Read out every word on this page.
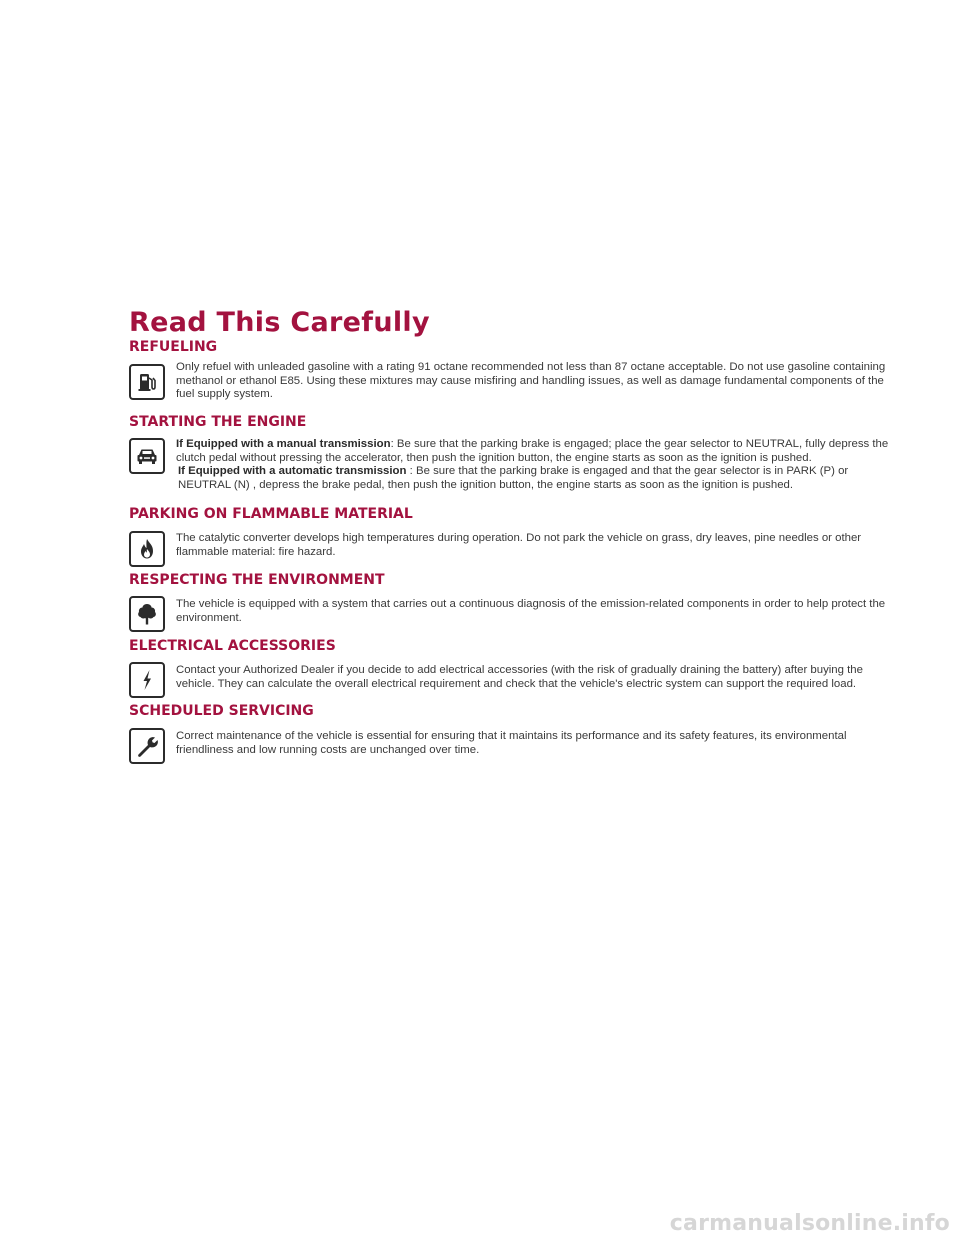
Read This Carefully
REFUELING

Only refuel with unleaded gasoline with a rating 91 octane recommended not less than 87 octane acceptable. Do not use gasoline containing methanol or ethanol E85. Using these mixtures may cause misfiring and handling issues, as well as damage fundamental components of the fuel supply system.

STARTING THE ENGINE

If Equipped with a manual transmission: Be sure that the parking brake is engaged; place the gear selector to NEUTRAL, fully depress the clutch pedal without pressing the accelerator, then push the ignition button, the engine starts as soon as the ignition is pushed.

If Equipped with a automatic transmission : Be sure that the parking brake is engaged and that the gear selector is in PARK (P) or NEUTRAL (N) , depress the brake pedal, then push the ignition button, the engine starts as soon as the ignition is pushed.

PARKING ON FLAMMABLE MATERIAL

The catalytic converter develops high temperatures during operation. Do not park the vehicle on grass, dry leaves, pine needles or other flammable material: fire hazard.

RESPECTING THE ENVIRONMENT

The vehicle is equipped with a system that carries out a continuous diagnosis of the emission-related components in order to help protect the environment.

ELECTRICAL ACCESSORIES

Contact your Authorized Dealer if you decide to add electrical accessories (with the risk of gradually draining the battery) after buying the vehicle. They can calculate the overall electrical requirement and check that the vehicle's electric system can support the required load.

SCHEDULED SERVICING

Correct maintenance of the vehicle is essential for ensuring that it maintains its performance and its safety features, its environmental friendliness and low running costs are unchanged over time.

carmanualsonline.info
